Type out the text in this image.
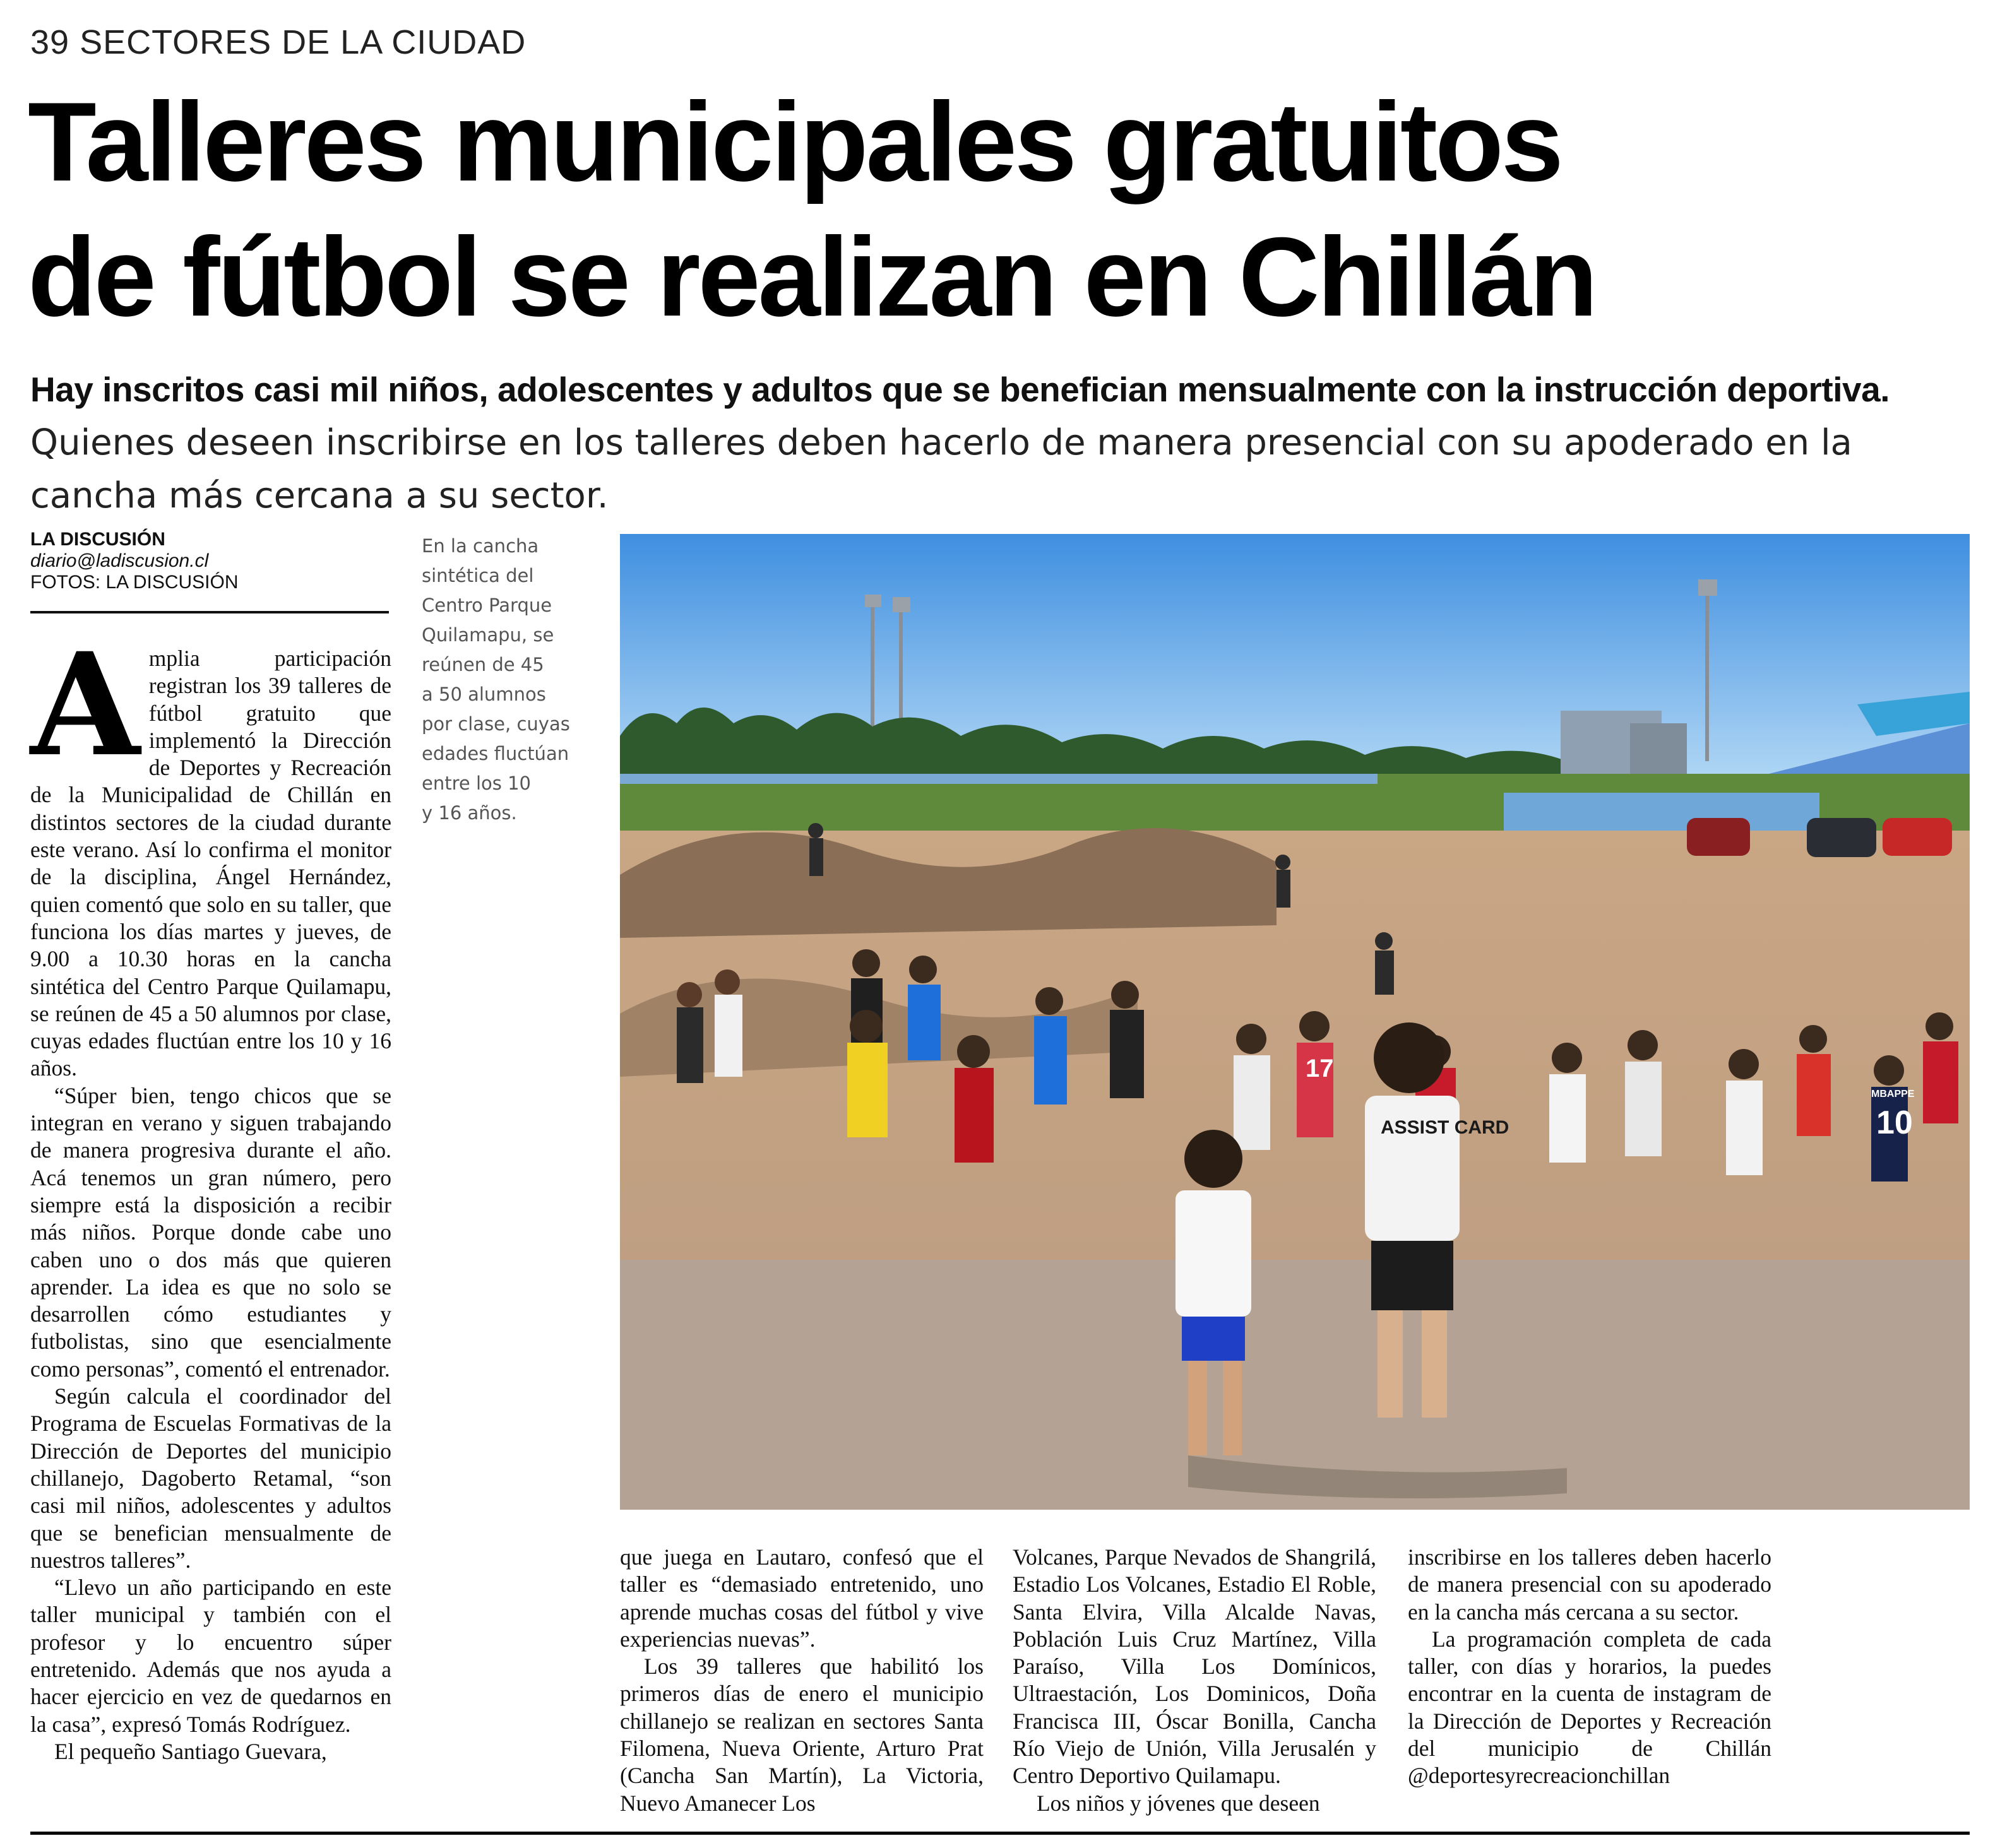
39 SECTORES DE LA CIUDAD
Talleres municipales gratuitos
de fútbol se realizan en Chillán
Hay inscritos casi mil niños, adolescentes y adultos que se benefician mensualmente con la instrucción deportiva.
Quienes deseen inscribirse en los talleres deben hacerlo de manera presencial con su apoderado en la cancha más cercana a su sector.
LA DISCUSIÓN
diario@ladiscusion.cl
FOTOS: LA DISCUSIÓN
En la cancha
sintética del
Centro Parque
Quilamapu, se
reúnen de 45
a 50 alumnos
por clase, cuyas
edades fluctúan
entre los 10
y 16 años.
ASSIST CARD
17
10
MBAPPE

Amplia participación registran los 39 talleres de fútbol gratuito que implementó la Dirección de Deportes y Recreación de la Municipalidad de Chillán en distintos sectores de la ciudad durante este verano. Así lo confirma el monitor de la disciplina, Ángel Hernández, quien comentó que solo en su taller, que funciona los días martes y jueves, de 9.00 a 10.30 horas en la cancha sintética del Centro Parque Quilamapu, se reúnen de 45 a 50 alumnos por clase, cuyas edades fluctúan entre los 10 y 16 años.

“Súper bien, tengo chicos que se integran en verano y siguen trabajando de manera progresiva durante el año. Acá tenemos un gran número, pero siempre está la disposición a recibir más niños. Porque donde cabe uno caben uno o dos más que quieren aprender. La idea es que no solo se desarrollen cómo estudiantes y futbolistas, sino que esencialmente como personas”, comentó el entrenador.

Según calcula el coordinador del Programa de Escuelas Formativas de la Dirección de Deportes del municipio chillanejo, Dagoberto Retamal, “son casi mil niños, adolescentes y adultos que se benefician mensualmente de nuestros talleres”.

“Llevo un año participando en este taller municipal y también con el profesor y lo encuentro súper entretenido. Además que nos ayuda a hacer ejercicio en vez de quedarnos en la casa”, expresó Tomás Rodríguez.

El pequeño Santiago Guevara,

que juega en Lautaro, confesó que el taller es “demasiado entretenido, uno aprende muchas cosas del fútbol y vive experiencias nuevas”.

Los 39 talleres que habilitó los primeros días de enero el municipio chillanejo se realizan en sectores Santa Filomena, Nueva Oriente, Arturo Prat (Cancha San Martín), La Victoria, Nuevo Amanecer Los

Volcanes, Parque Nevados de Shangrilá, Estadio Los Volcanes, Estadio El Roble, Santa Elvira, Villa Alcalde Navas, Población Luis Cruz Martínez, Villa Paraíso, Villa Los Domínicos, Ultraestación, Los Dominicos, Doña Francisca III, Óscar Bonilla, Cancha Río Viejo de Unión, Villa Jerusalén y Centro Deportivo Quilamapu.

Los niños y jóvenes que deseen

inscribirse en los talleres deben hacerlo de manera presencial con su apoderado en la cancha más cercana a su sector.

La programación completa de cada taller, con días y horarios, la puedes encontrar en la cuenta de instagram de la Dirección de Deportes y Recreación del municipio de Chillán @deportesyrecreacionchillan
